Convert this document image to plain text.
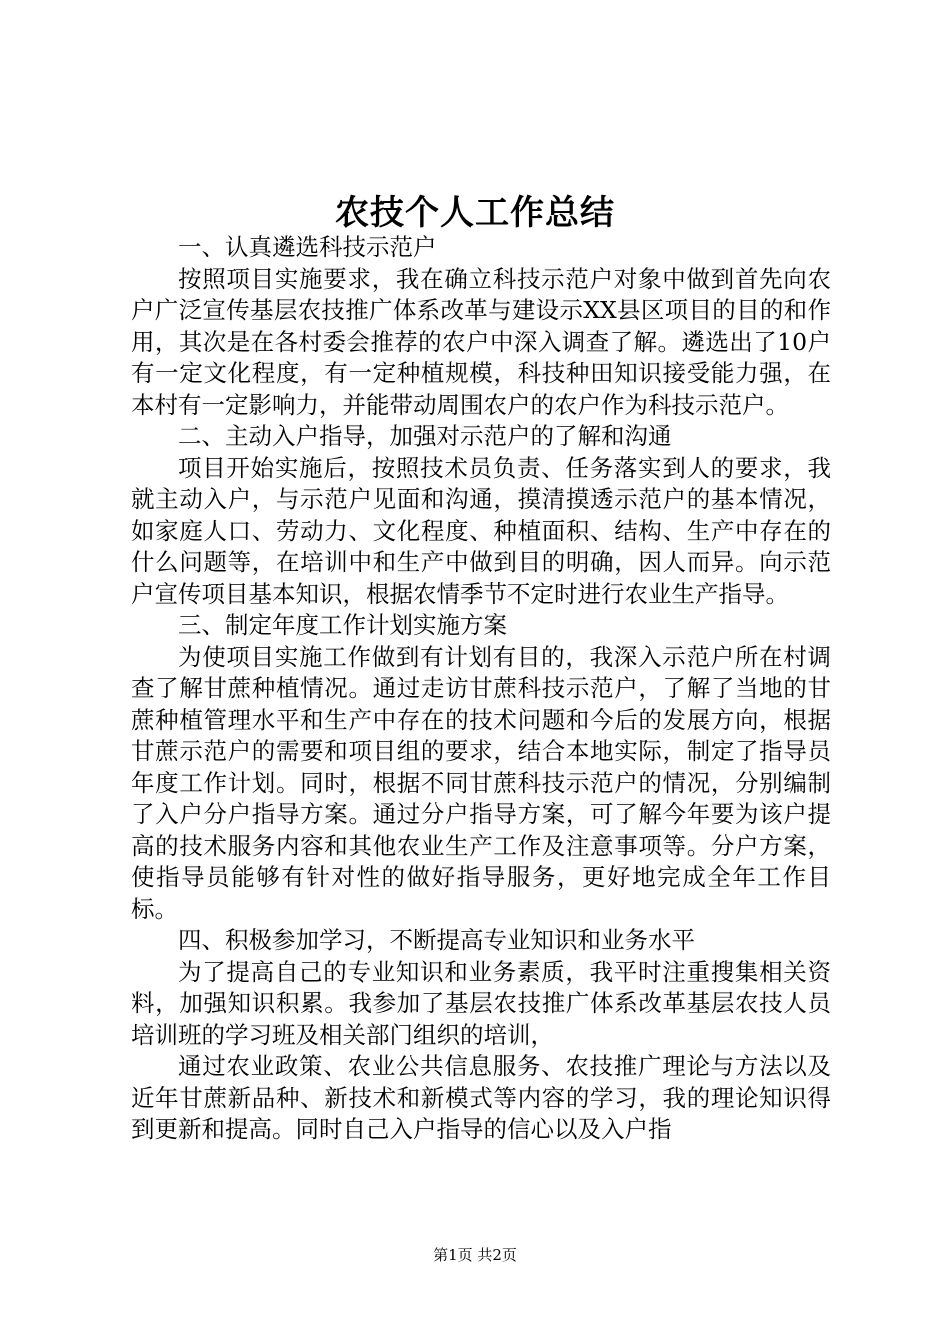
农技个人工作总结

一、认真遴选科技示范户

按照项目实施要求，我在确立科技示范户对象中做到首先向农户广泛宣传基层农技推广体系改革与建设示XX县区项目的目的和作用，其次是在各村委会推荐的农户中深入调查了解。遴选出了10户有一定文化程度，有一定种植规模，科技种田知识接受能力强，在本村有一定影响力，并能带动周围农户的农户作为科技示范户。

二、主动入户指导，加强对示范户的了解和沟通

项目开始实施后，按照技术员负责、任务落实到人的要求，我就主动入户，与示范户见面和沟通，摸清摸透示范户的基本情况，如家庭人口、劳动力、文化程度、种植面积、结构、生产中存在的什么问题等，在培训中和生产中做到目的明确，因人而异。向示范户宣传项目基本知识，根据农情季节不定时进行农业生产指导。

三、制定年度工作计划实施方案

为使项目实施工作做到有计划有目的，我深入示范户所在村调查了解甘蔗种植情况。通过走访甘蔗科技示范户，了解了当地的甘蔗种植管理水平和生产中存在的技术问题和今后的发展方向，根据甘蔗示范户的需要和项目组的要求，结合本地实际，制定了指导员年度工作计划。同时，根据不同甘蔗科技示范户的情况，分别编制了入户分户指导方案。通过分户指导方案，可了解今年要为该户提高的技术服务内容和其他农业生产工作及注意事项等。分户方案，使指导员能够有针对性的做好指导服务，更好地完成全年工作目标。

四、积极参加学习，不断提高专业知识和业务水平

为了提高自己的专业知识和业务素质，我平时注重搜集相关资料，加强知识积累。我参加了基层农技推广体系改革基层农技人员培训班的学习班及相关部门组织的培训，

通过农业政策、农业公共信息服务、农技推广理论与方法以及近年甘蔗新品种、新技术和新模式等内容的学习，我的理论知识得到更新和提高。同时自己入户指导的信心以及入户指

第1页 共2页
